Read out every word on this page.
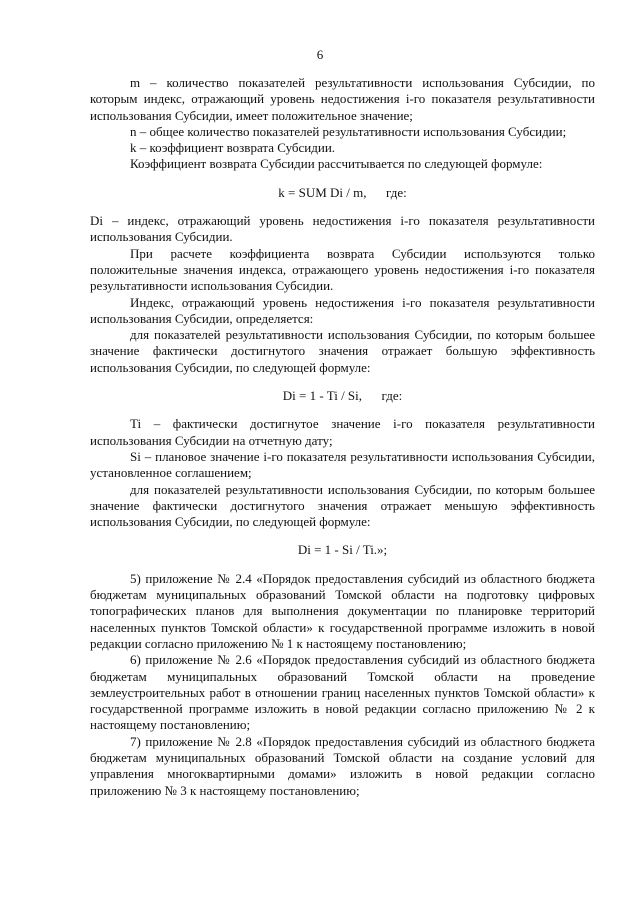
6

m – количество показателей результативности использования Субсидии, по которым индекс, отражающий уровень недостижения i-го показателя результативности использования Субсидии, имеет положительное значение;

n – общее количество показателей результативности использования Субсидии;

k – коэффициент возврата Субсидии.

Коэффициент возврата Субсидии рассчитывается по следующей формуле:

k = SUM Di / m,      где:

Di – индекс, отражающий уровень недостижения i-го показателя результативности использования Субсидии.

При расчете коэффициента возврата Субсидии используются только положительные значения индекса, отражающего уровень недостижения i-го показателя результативности использования Субсидии.

Индекс, отражающий уровень недостижения i-го показателя результативности использования Субсидии, определяется:

для показателей результативности использования Субсидии, по которым большее значение фактически достигнутого значения отражает большую эффективность использования Субсидии, по следующей формуле:

Di = 1 - Ti / Si,      где:

Ti – фактически достигнутое значение i-го показателя результативности использования Субсидии на отчетную дату;

Si – плановое значение i-го показателя результативности использования Субсидии, установленное соглашением;

для показателей результативности использования Субсидии, по которым большее значение фактически достигнутого значения отражает меньшую эффективность использования Субсидии, по следующей формуле:

Di = 1 - Si / Ti.»;

5) приложение № 2.4 «Порядок предоставления субсидий из областного бюджета бюджетам муниципальных образований Томской области на подготовку цифровых топографических планов для выполнения документации по планировке территорий населенных пунктов Томской области» к государственной программе изложить в новой редакции согласно приложению № 1 к настоящему постановлению;

6) приложение № 2.6 «Порядок предоставления субсидий из областного бюджета бюджетам муниципальных образований Томской области на проведение землеустроительных работ в отношении границ населенных пунктов Томской области» к государственной программе изложить в новой редакции согласно приложению № 2 к настоящему постановлению;

7) приложение № 2.8 «Порядок предоставления субсидий из областного бюджета бюджетам муниципальных образований Томской области на создание условий для управления многоквартирными домами» изложить в новой редакции согласно приложению № 3 к настоящему постановлению;
